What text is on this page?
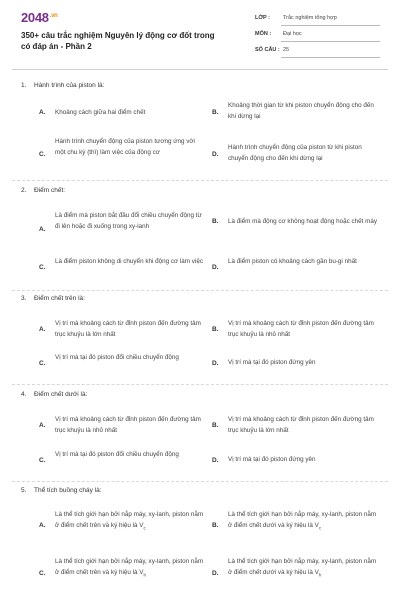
$2048^{.vn}$
350+ câu trắc nghiệm Nguyên lý động cơ đốt trong có đáp án - Phần 2
LỚP : Trắc nghiệm tổng hợp
MÔN : Đại học
SỐ CÂU : 25
1. Hành trình của piston là:
A. Khoảng cách giữa hai điểm chết	B.
Khoảng thời gian từ khi piston chuyển động cho đến khi dừng lại
C.
Hành trình chuyển động của piston tương ứng với một chu kỳ (thì) làm việc của động cơ	D.
Hành trình chuyển động của piston từ khi piston chuyển động cho đến khi dừng lại
2. Điểm chết:
A.
Là điểm mà piston bắt đầu đổi chiều chuyển động từ đi lên hoặc đi xuống trong xy-lanh
B. Là điểm mà động cơ không hoạt động hoặc chết máy
C.
Là điểm piston không di chuyển khi động cơ làm việc
D.
Là điểm piston có khoảng cách gần bu-gi nhất
3. Điểm chết trên là:
A.
Vị trí mà khoảng cách từ đỉnh piston đến đường tâm trục khuỷu là lớn nhất
B.
Vị trí mà khoảng cách từ đỉnh piston đến đường tâm trục khuỷu là nhỏ nhất
C.
Vị trí mà tại đó piston đổi chiều chuyển động
D. Vị trí mà tại đó piston đứng yên
4. Điểm chết dưới là:
A.
Vị trí mà khoảng cách từ đỉnh piston đến đường tâm trục khuỷu là nhỏ nhất
B.
Vị trí mà khoảng cách từ đỉnh piston đến đường tâm trục khuỷu là lớn nhất
C.
Vị trí mà tại đó piston đổi chiều chuyển động
D. Vị trí mà tại đó piston đứng yên
5. Thể tích buồng cháy là:
A.
Là thể tích giới hạn bởi nắp máy, xy-lanh, piston nằm ở điểm chết trên và ký hiệu là $V_c$	B.
Là thể tích giới hạn bởi nắp máy, xy-lanh, piston nằm ở điểm chết dưới và ký hiệu là $V_c$
C.
Là thể tích giới hạn bởi nắp máy, xy-lanh, piston nằm ở điểm chết trên và ký hiệu là $V_h$	D.
Là thể tích giới hạn bởi nắp máy, xy-lanh, piston nằm ở điểm chết dưới và ký hiệu là $V_h$
